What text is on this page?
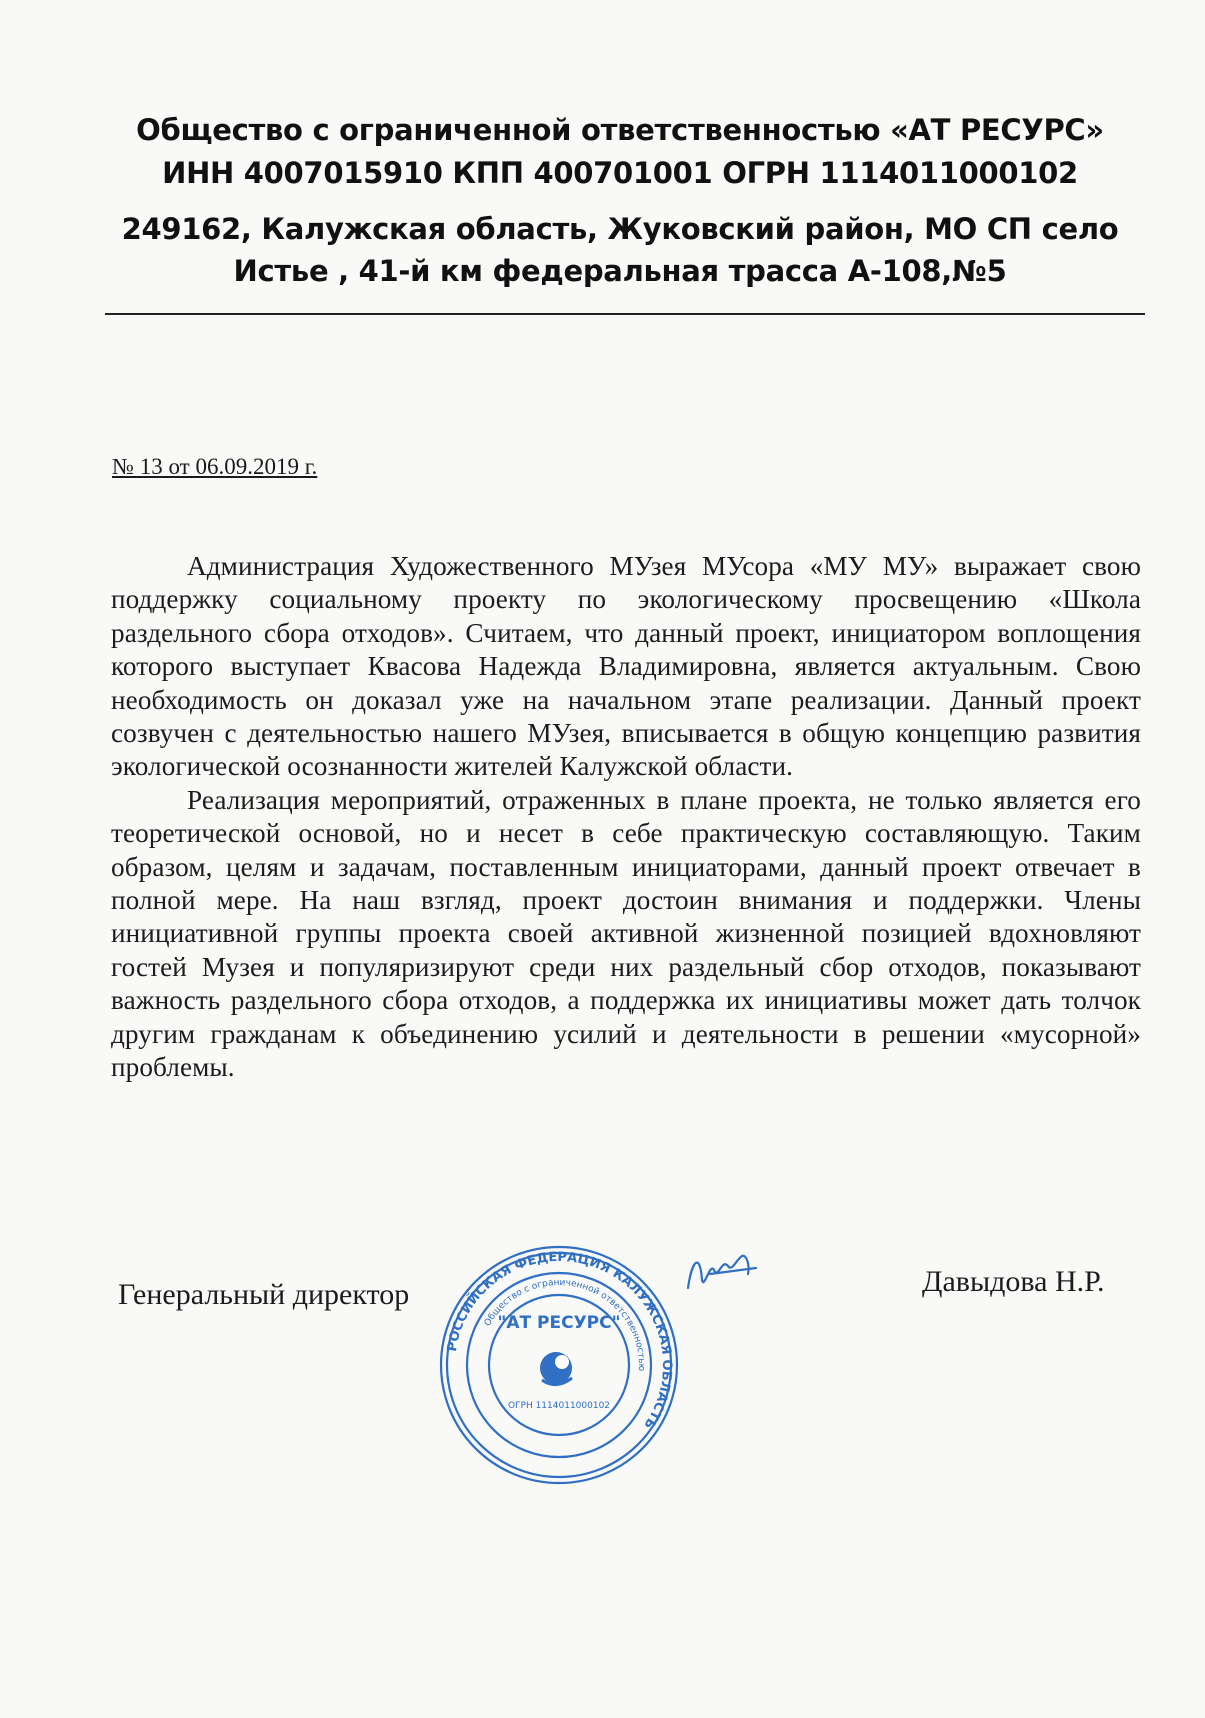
Общество с ограниченной ответственностью «АТ РЕСУРС»
ИНН 4007015910 КПП 400701001 ОГРН 1114011000102
249162, Калужская область, Жуковский район, МО СП село
Истье , 41-й км федеральная трасса А-108,№5
№ 13 от 06.09.2019 г.

Администрация Художественного МУзея МУсора «МУ МУ» выражает свою поддержку социальному проекту по экологическому просвещению «Школа раздельного сбора отходов». Считаем, что данный проект, инициатором воплощения которого выступает Квасова Надежда Владимировна, является актуальным. Свою необходимость он доказал уже на начальном этапе реализации. Данный проект созвучен с деятельностью нашего МУзея, вписывается в общую концепцию развития экологической осознанности жителей Калужской области.

Реализация мероприятий, отраженных в плане проекта, не только является его теоретической основой, но и несет в себе практическую составляющую. Таким образом, целям и задачам, поставленным инициаторами, данный проект отвечает в полной мере. На наш взгляд, проект достоин внимания и поддержки. Члены инициативной группы проекта своей активной жизненной позицией вдохновляют гостей Музея и популяризируют среди них раздельный сбор отходов, показывают важность раздельного сбора отходов, а поддержка их инициативы может дать толчок другим гражданам к объединению усилий и деятельности в решении «мусорной» проблемы.

Генеральный директор
РОССИЙСКАЯ ФЕДЕРАЦИЯ КАЛУЖСКАЯ ОБЛАСТЬ
Общество с ограниченной ответственностью
"АТ РЕСУРС"
ОГРН 1114011000102
Давыдова Н.Р.
